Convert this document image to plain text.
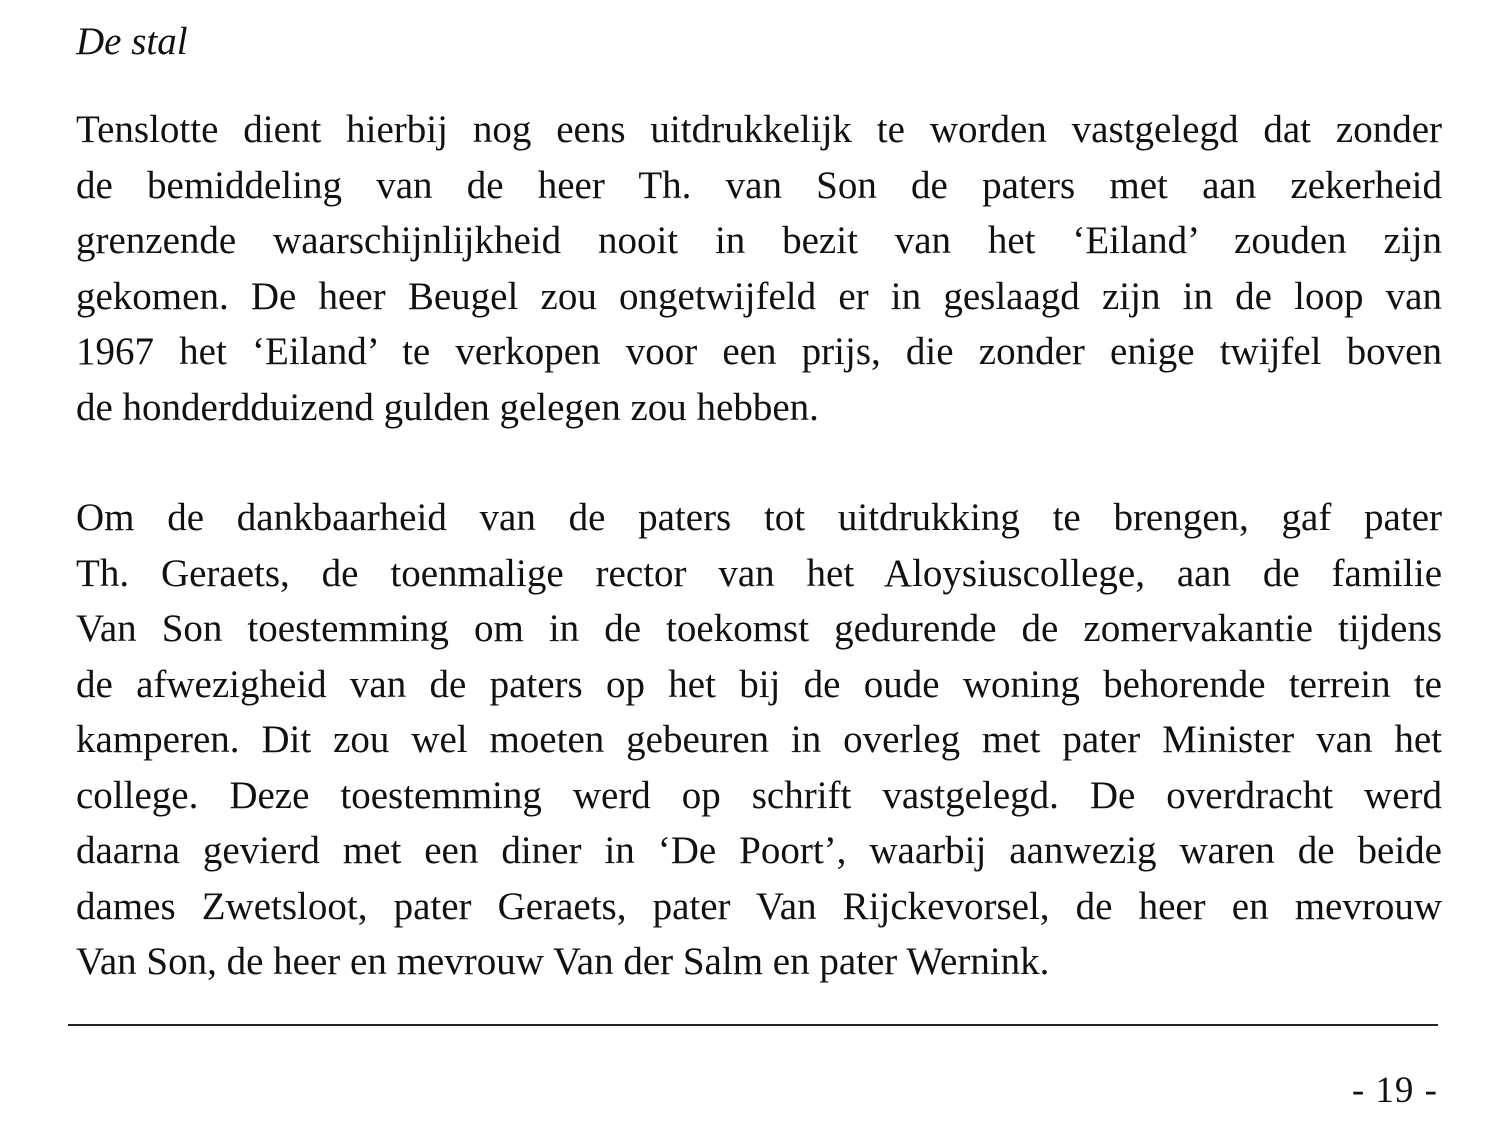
De stal

Tenslotte dient hierbij nog eens uitdrukkelijk te worden vastgelegd dat zonder
de bemiddeling van de heer Th. van Son de paters met aan zekerheid
grenzende waarschijnlijkheid nooit in bezit van het ‘Eiland’ zouden zijn
gekomen. De heer Beugel zou ongetwijfeld er in geslaagd zijn in de loop van
1967 het ‘Eiland’ te verkopen voor een prijs, die zonder enige twijfel boven
de honderdduizend gulden gelegen zou hebben.

Om de dankbaarheid van de paters tot uitdrukking te brengen, gaf pater
Th. Geraets, de toenmalige rector van het Aloysiuscollege, aan de familie
Van Son toestemming om in de toekomst gedurende de zomervakantie tijdens
de afwezigheid van de paters op het bij de oude woning behorende terrein te
kamperen. Dit zou wel moeten gebeuren in overleg met pater Minister van het
college. Deze toestemming werd op schrift vastgelegd. De overdracht werd
daarna gevierd met een diner in ‘De Poort’, waarbij aanwezig waren de beide
dames Zwetsloot, pater Geraets, pater Van Rijckevorsel, de heer en mevrouw
Van Son, de heer en mevrouw Van der Salm en pater Wernink.

- 19 -
